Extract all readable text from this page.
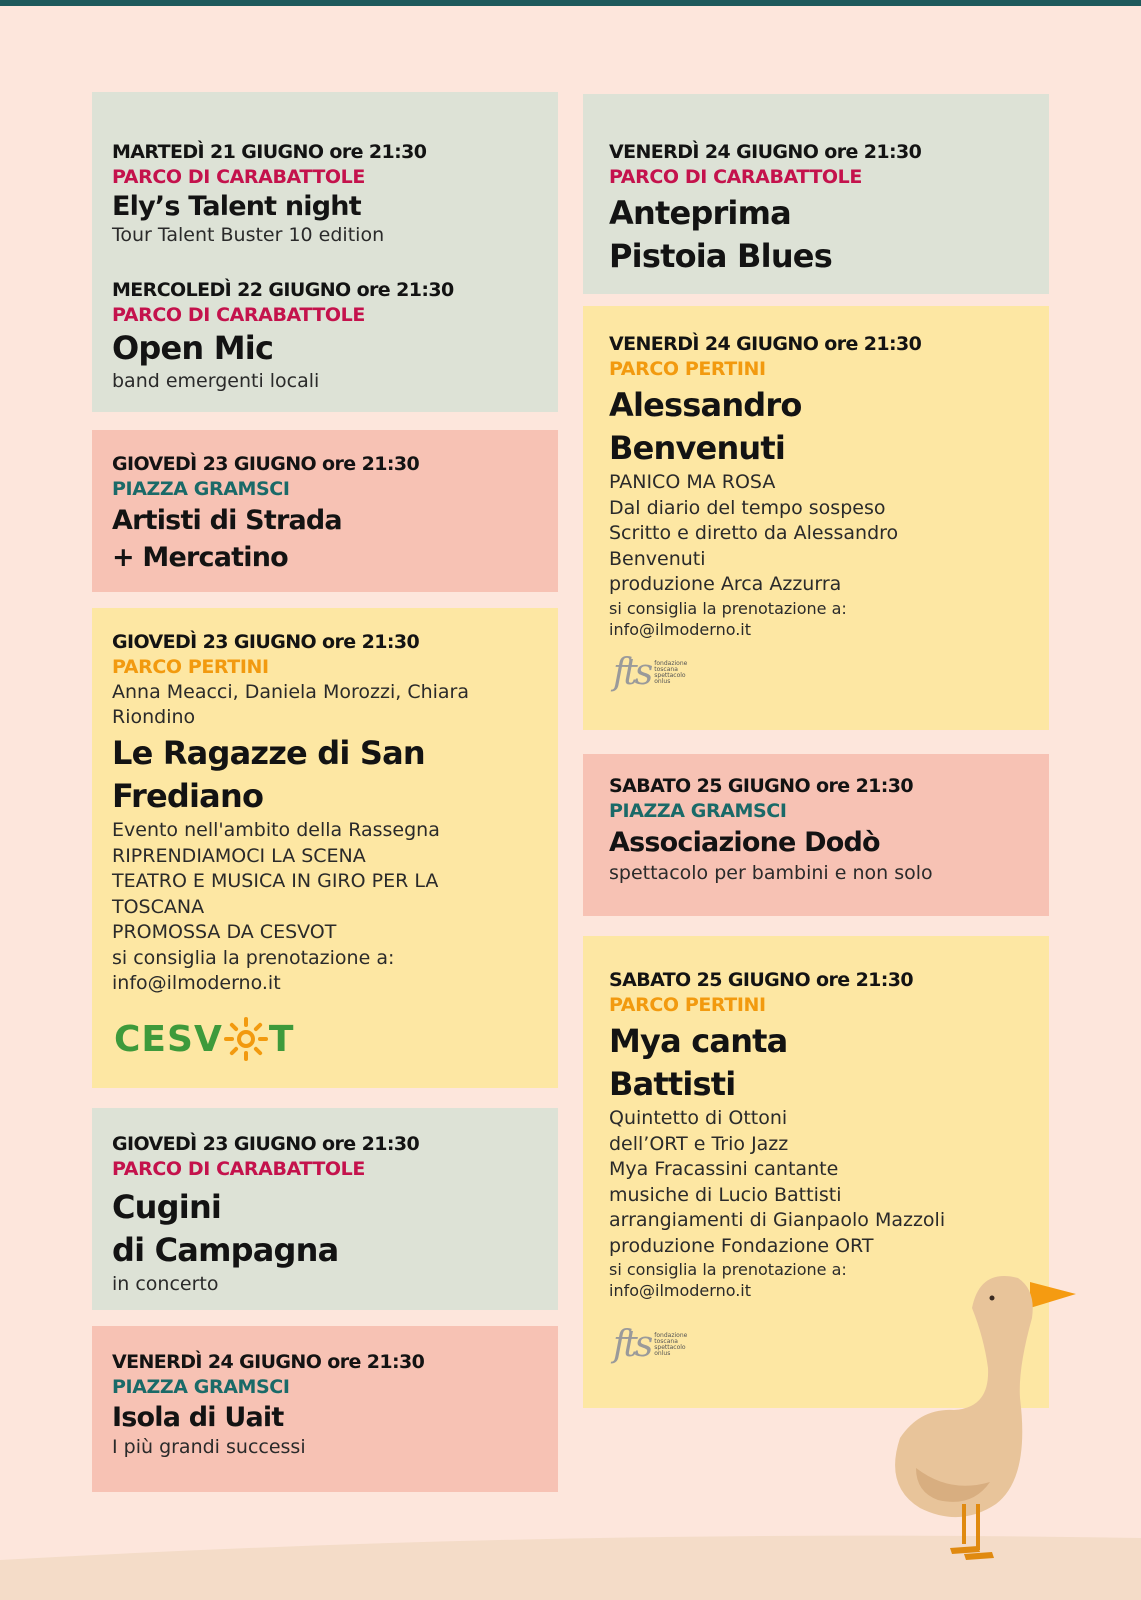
MARTEDÌ 21 GIUGNO ore 21:30
PARCO DI CARABATTOLE
Ely’s Talent night
Tour Talent Buster 10 edition
MERCOLEDÌ 22 GIUGNO ore 21:30
PARCO DI CARABATTOLE
Open Mic
band emergenti locali
GIOVEDÌ 23 GIUGNO ore 21:30
PIAZZA GRAMSCI
Artisti di Strada
+ Mercatino
GIOVEDÌ 23 GIUGNO ore 21:30
PARCO PERTINI
Anna Meacci, Daniela Morozzi, Chiara
Riondino
Le Ragazze di San
Frediano
Evento nell'ambito della Rassegna
RIPRENDIAMOCI LA SCENA
TEATRO E MUSICA IN GIRO PER LA
TOSCANA
PROMOSSA DA CESVOT
si consiglia la prenotazione a:
info@ilmoderno.it
CESV T
GIOVEDÌ 23 GIUGNO ore 21:30
PARCO DI CARABATTOLE
Cugini
di Campagna
in concerto
VENERDÌ 24 GIUGNO ore 21:30
PIAZZA GRAMSCI
Isola di Uait
I più grandi successi
VENERDÌ 24 GIUGNO ore 21:30
PARCO DI CARABATTOLE
Anteprima
Pistoia Blues
VENERDÌ 24 GIUGNO ore 21:30
PARCO PERTINI
Alessandro
Benvenuti
PANICO MA ROSA
Dal diario del tempo sospeso
Scritto e diretto da Alessandro
Benvenuti
produzione Arca Azzurra
si consiglia la prenotazione a:
info@ilmoderno.it
fts fondazione
toscana
spettacolo
onlus
SABATO 25 GIUGNO ore 21:30
PIAZZA GRAMSCI
Associazione Dodò
spettacolo per bambini e non solo
SABATO 25 GIUGNO ore 21:30
PARCO PERTINI
Mya canta
Battisti
Quintetto di Ottoni
dell’ORT e Trio Jazz
Mya Fracassini cantante
musiche di Lucio Battisti
arrangiamenti di Gianpaolo Mazzoli
produzione Fondazione ORT
si consiglia la prenotazione a:
info@ilmoderno.it
fts fondazione
toscana
spettacolo
onlus
